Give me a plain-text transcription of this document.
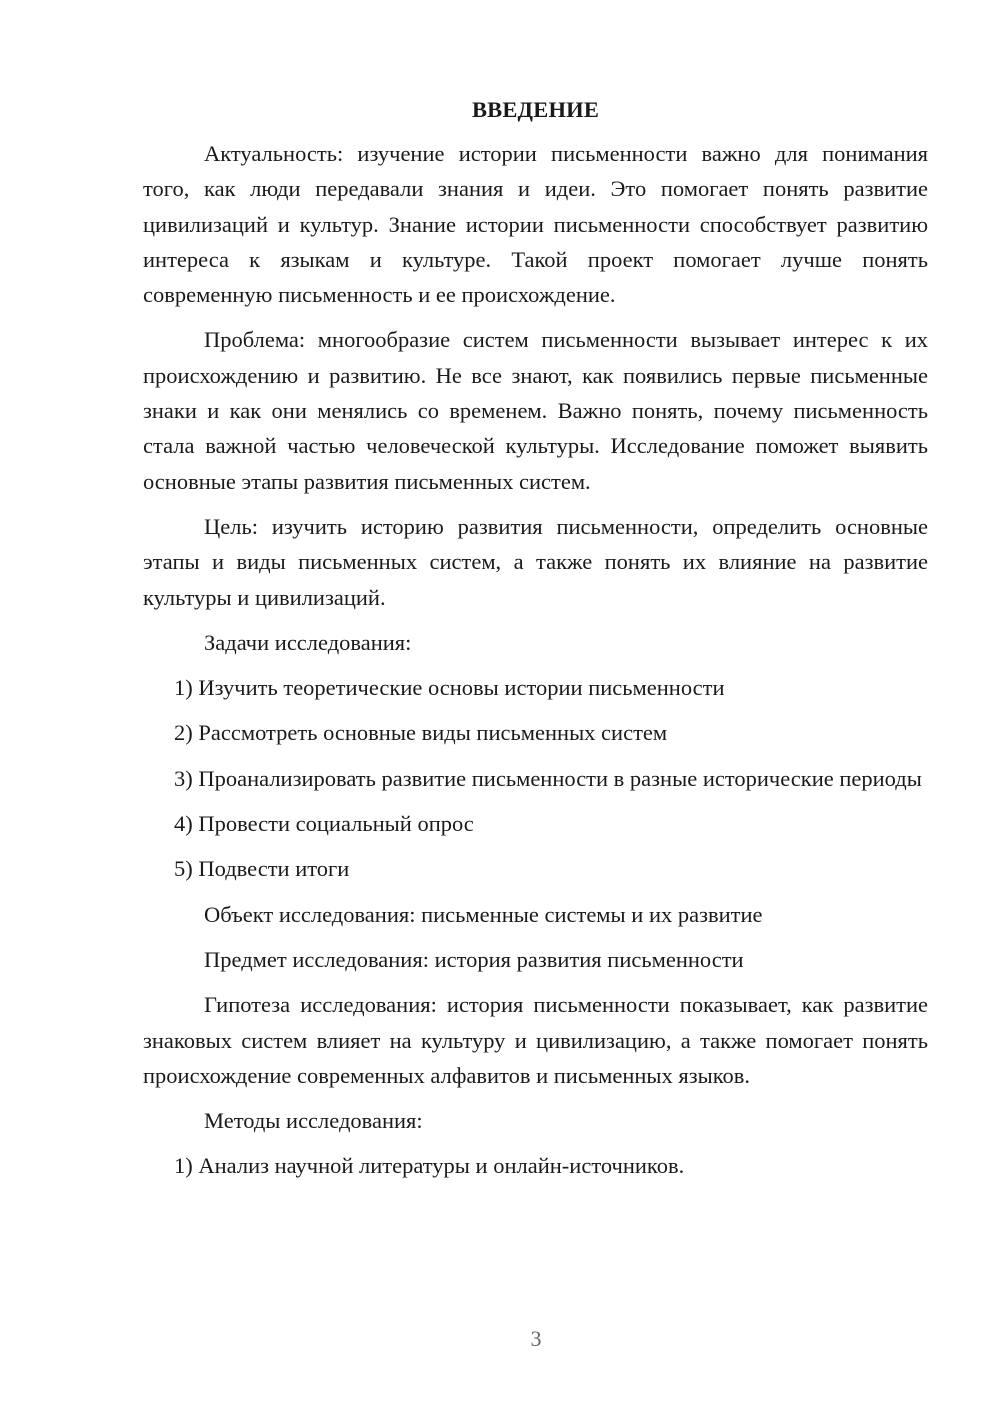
ВВЕДЕНИЕ

Актуальность: изучение истории письменности важно для понимания того, как люди передавали знания и идеи. Это помогает понять развитие цивилизаций и культур. Знание истории письменности способствует развитию интереса к языкам и культуре. Такой проект помогает лучше понять современную письменность и ее происхождение.

Проблема: многообразие систем письменности вызывает интерес к их происхождению и развитию. Не все знают, как появились первые письменные знаки и как они менялись со временем. Важно понять, почему письменность стала важной частью человеческой культуры. Исследование поможет выявить основные этапы развития письменных систем.

Цель: изучить историю развития письменности, определить основные этапы и виды письменных систем, а также понять их влияние на развитие культуры и цивилизаций.

Задачи исследования:

1) Изучить теоретические основы истории письменности

2) Рассмотреть основные виды письменных систем

3) Проанализировать развитие письменности в разные исторические периоды

4) Провести социальный опрос

5) Подвести итоги

Объект исследования: письменные системы и их развитие

Предмет исследования: история развития письменности

Гипотеза исследования: история письменности показывает, как развитие знаковых систем влияет на культуру и цивилизацию, а также помогает понять происхождение современных алфавитов и письменных языков.

Методы исследования:

1) Анализ научной литературы и онлайн-источников.

3
